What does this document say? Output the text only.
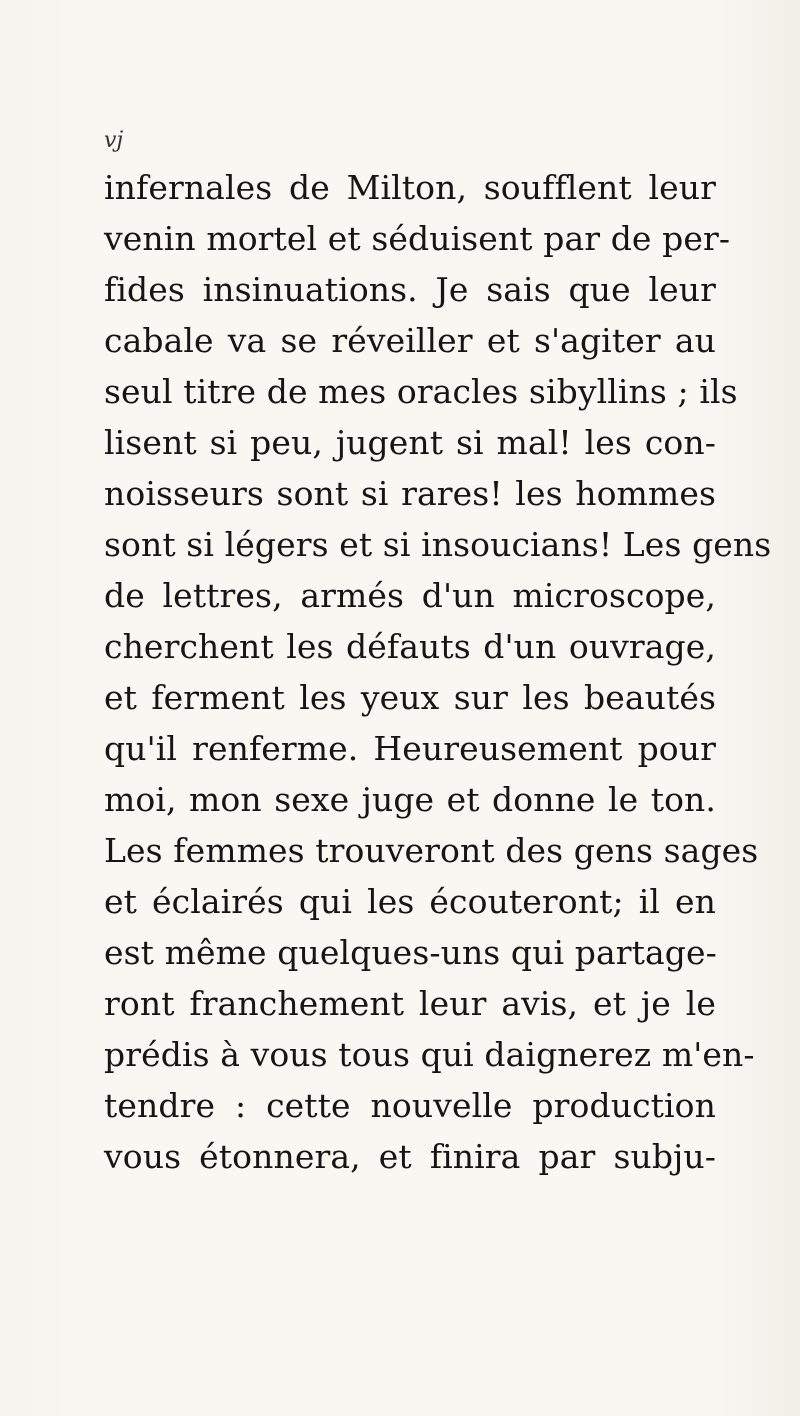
vj
infernales de Milton, soufflent leur
venin mortel et séduisent par de per-
fides insinuations. Je sais que leur
cabale va se réveiller et s'agiter au
seul titre de mes oracles sibyllins ; ils
lisent si peu, jugent si mal! les con-
noisseurs sont si rares! les hommes
sont si légers et si insoucians! Les gens
de lettres, armés d'un microscope,
cherchent les défauts d'un ouvrage,
et ferment les yeux sur les beautés
qu'il renferme. Heureusement pour
moi, mon sexe juge et donne le ton.
Les femmes trouveront des gens sages
et éclairés qui les écouteront; il en
est même quelques-uns qui partage-
ront franchement leur avis, et je le
prédis à vous tous qui daignerez m'en-
tendre : cette nouvelle production
vous étonnera, et finira par subju-
